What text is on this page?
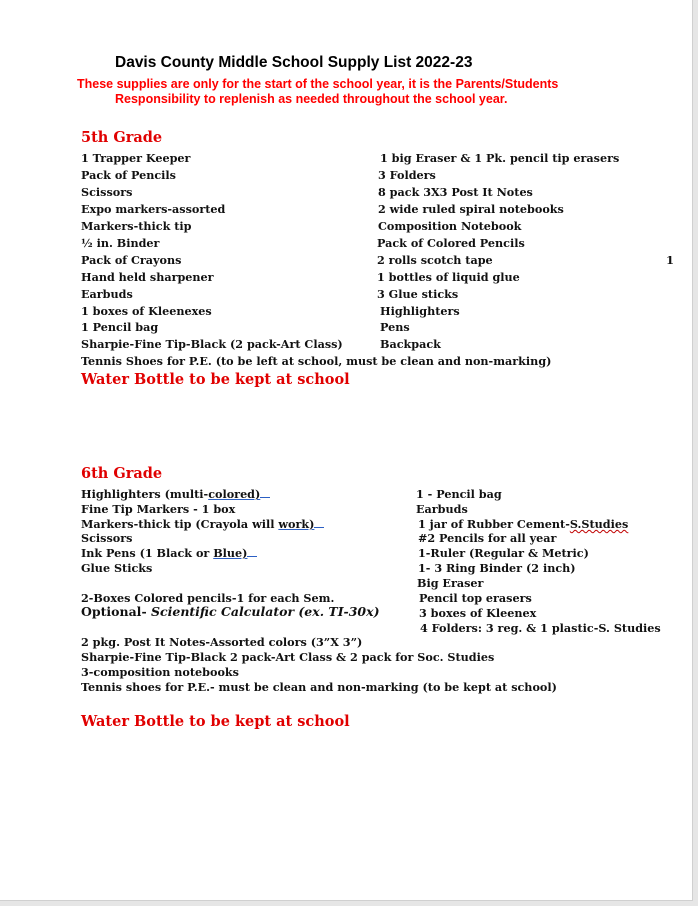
Davis County Middle School Supply List 2022-23
These supplies are only for the start of the school year, it is the Parents/Students
Responsibility to replenish as needed throughout the school year.
5th Grade
1 Trapper Keeper
Pack of Pencils
Scissors
Expo markers-assorted
Markers-thick tip
½ in. Binder
Pack of Crayons
Hand held sharpener
Earbuds
1 boxes of Kleenexes
1 Pencil bag
Sharpie-Fine Tip-Black (2 pack-Art Class)
1 big Eraser & 1 Pk. pencil tip erasers
3 Folders
8 pack 3X3 Post It Notes
2 wide ruled spiral notebooks
Composition Notebook
Pack of Colored Pencils
2 rolls scotch tape
1 bottles of liquid glue
3 Glue sticks
Highlighters
Pens
Backpack
1
Tennis Shoes for P.E. (to be left at school, must be clean and non-marking)
Water Bottle to be kept at school
6th Grade
Highlighters (multi-colored)
Fine Tip Markers - 1 box
Markers-thick tip (Crayola will work)
Scissors
Ink Pens (1 Black or Blue)
Glue Sticks
2-Boxes Colored pencils-1 for each Sem.
Optional- Scientific Calculator (ex. TI-30x)
1 - Pencil bag
Earbuds
1 jar of Rubber Cement-S.Studies
#2 Pencils for all year
1-Ruler (Regular & Metric)
1- 3 Ring Binder (2 inch)
Big Eraser
Pencil top erasers
3 boxes of Kleenex
4 Folders: 3 reg. & 1 plastic-S. Studies
2 pkg. Post It Notes-Assorted colors (3”X 3”)
Sharpie-Fine Tip-Black 2 pack-Art Class & 2 pack for Soc. Studies
3-composition notebooks
Tennis shoes for P.E.- must be clean and non-marking (to be kept at school)
Water Bottle to be kept at school
